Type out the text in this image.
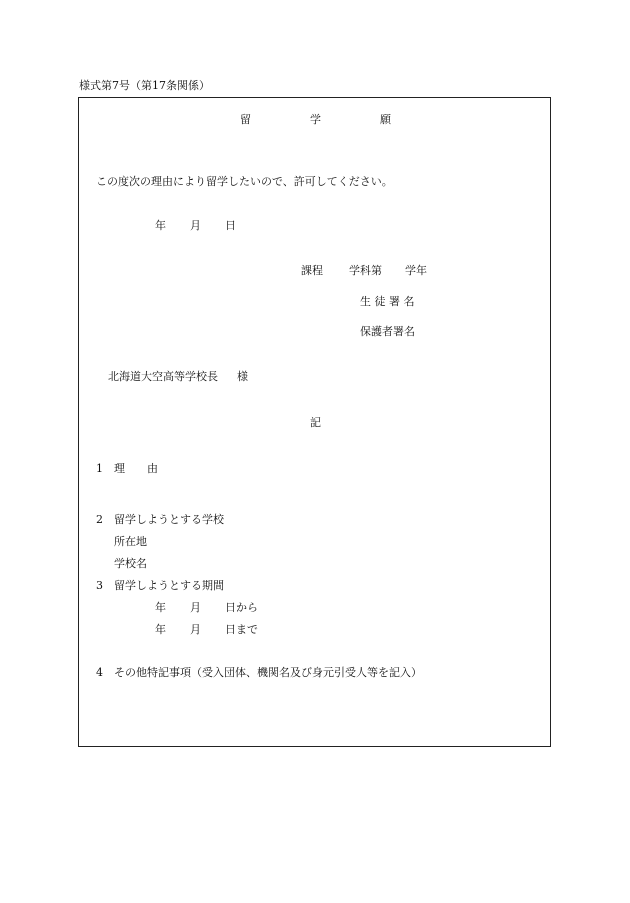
様式第7号（第17条関係）
留	学	願
この度次の理由により留学したいので、許可してください。
年 月 日
課程 学科第 学年
生 徒 署 名
保護者署名
北海道大空高等学校長 様
記
1 理　　由
2 留学しようとする学校
所在地
学校名
3 留学しようとする期間
年 月 日から
年 月 日まで
4 その他特記事項（受入団体、機関名及び身元引受人等を記入）
